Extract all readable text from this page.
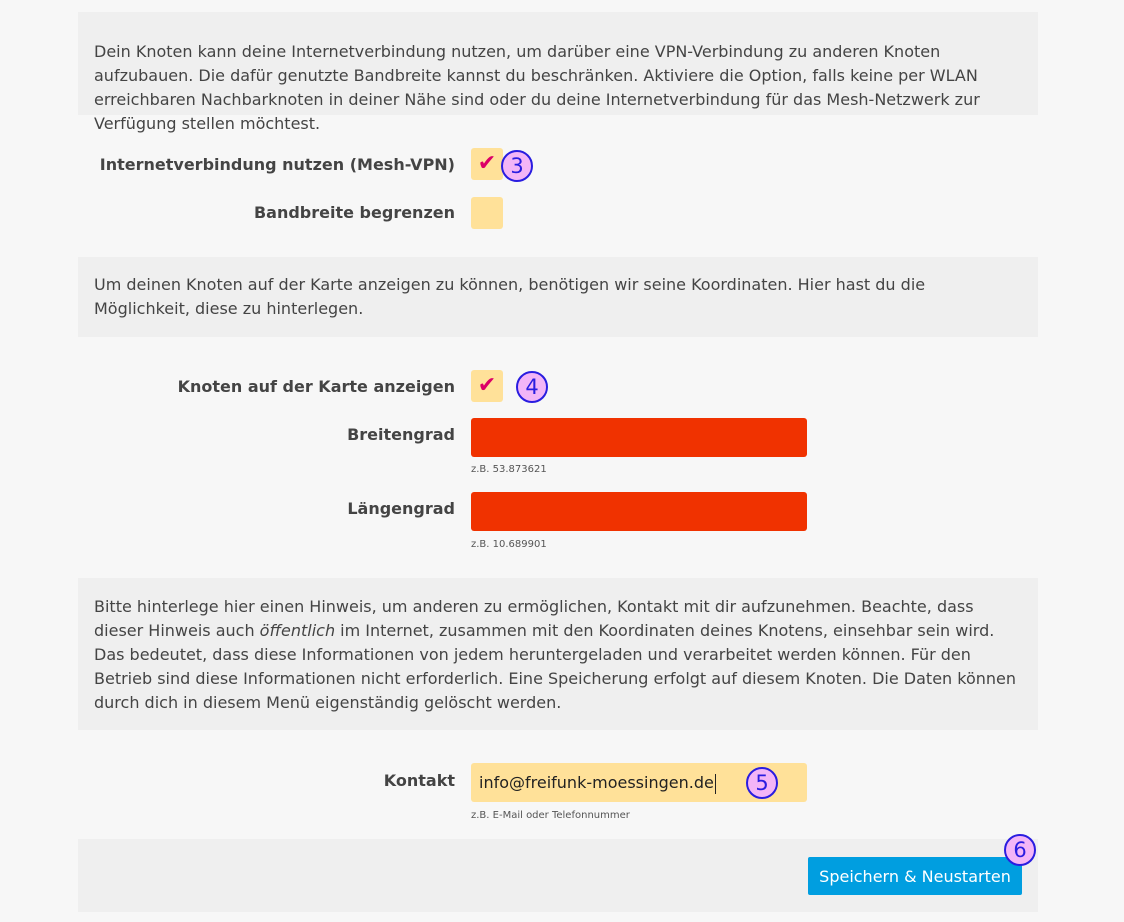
Dein Knoten kann deine Internetverbindung nutzen, um darüber eine VPN-Verbindung zu anderen Knoten aufzubauen. Die dafür genutzte Bandbreite kannst du beschränken. Aktiviere die Option, falls keine per WLAN erreichbaren Nachbarknoten in deiner Nähe sind oder du deine Internetverbindung für das Mesh-Netzwerk zur Verfügung stellen möchtest.

Internetverbindung nutzen (Mesh-VPN) ✔ 3
Bandbreite begrenzen

Um deinen Knoten auf der Karte anzeigen zu können, benötigen wir seine Koordinaten. Hier hast du die Möglichkeit, diese zu hinterlegen.

Knoten auf der Karte anzeigen ✔	4
Breitengrad
z.B. 53.873621
Längengrad
z.B. 10.689901

Bitte hinterlege hier einen Hinweis, um anderen zu ermöglichen, Kontakt mit dir aufzunehmen. Beachte, dass dieser Hinweis auch öffentlich im Internet, zusammen mit den Koordinaten deines Knotens, einsehbar sein wird. Das bedeutet, dass diese Informationen von jedem heruntergeladen und verarbeitet werden können. Für den Betrieb sind diese Informationen nicht erforderlich. Eine Speicherung erfolgt auf diesem Knoten. Die Daten können durch dich in diesem Menü eigenständig gelöscht werden.

Kontakt	info@freifunk-moessingen.de	5
z.B. E-Mail oder Telefonnummer
Speichern & Neustarten
6
